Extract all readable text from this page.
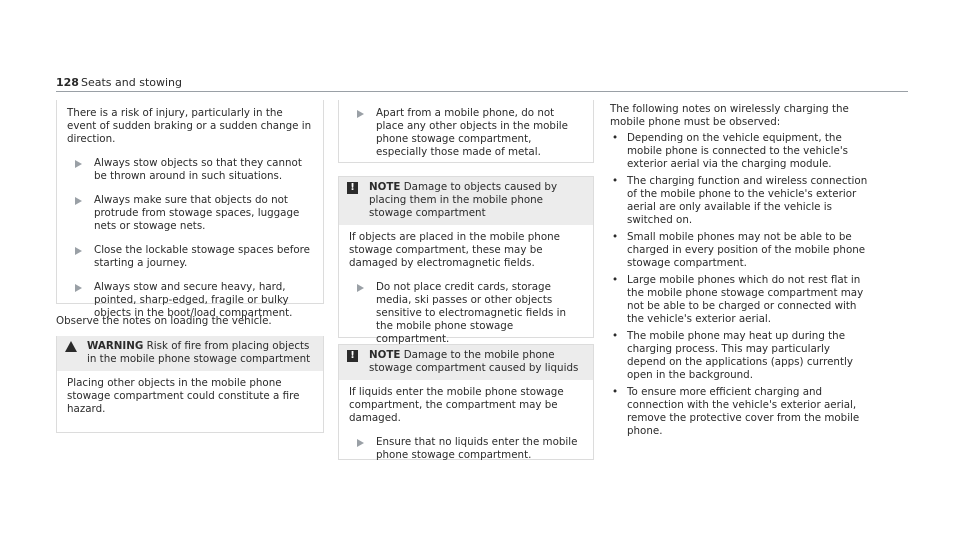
128 Seats and stowing

There is a risk of injury, particularly in the event of sudden braking or a sudden change in direction.

Always stow objects so that they cannot be thrown around in such situations.
Always make sure that objects do not protrude from stowage spaces, luggage nets or stowage nets.
Close the lockable stowage spaces before starting a journey.
Always stow and secure heavy, hard, pointed, sharp-edged, fragile or bulky objects in the boot/load compartment.

Observe the notes on loading the vehicle.

WARNING Risk of fire from placing objects in the mobile phone stowage compartment

Placing other objects in the mobile phone stowage compartment could constitute a fire hazard.

Apart from a mobile phone, do not place any other objects in the mobile phone stowage compartment, especially those made of metal.
!	NOTE Damage to objects caused by placing them in the mobile phone stowage compartment

If objects are placed in the mobile phone stowage compartment, these may be damaged by electromagnetic fields.

Do not place credit cards, storage media, ski passes or other objects sensitive to electromagnetic fields in the mobile phone stowage compartment.
!	NOTE Damage to the mobile phone stowage compartment caused by liquids

If liquids enter the mobile phone stowage compartment, the compartment may be damaged.

Ensure that no liquids enter the mobile phone stowage compartment.

The following notes on wirelessly charging the mobile phone must be observed:

• Depending on the vehicle equipment, the mobile phone is connected to the vehicle's exterior aerial via the charging module.
• The charging function and wireless connection of the mobile phone to the vehicle's exterior aerial are only available if the vehicle is switched on.
• Small mobile phones may not be able to be charged in every position of the mobile phone stowage compartment.
• Large mobile phones which do not rest flat in the mobile phone stowage compartment may not be able to be charged or connected with the vehicle's exterior aerial.
• The mobile phone may heat up during the charging process. This may particularly depend on the applications (apps) currently open in the background.
• To ensure more efficient charging and connection with the vehicle's exterior aerial, remove the protective cover from the mobile phone.
